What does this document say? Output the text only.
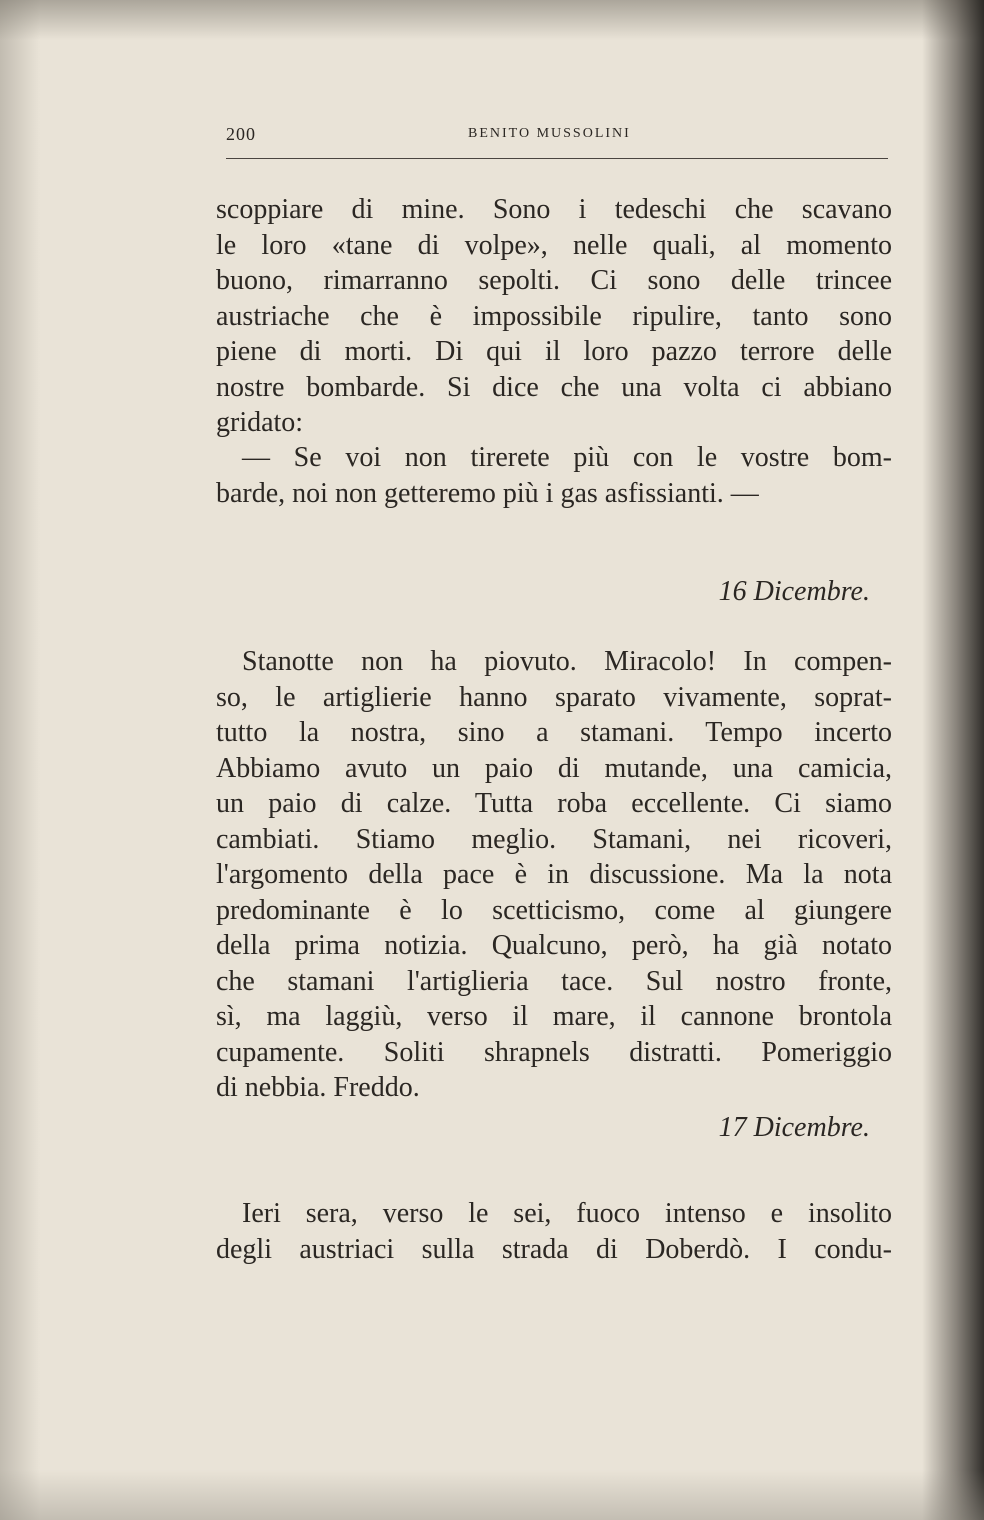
200	BENITO MUSSOLINI
scoppiare di mine. Sono i tedeschi che scavano
le loro «tane di volpe», nelle quali, al momento
buono, rimarranno sepolti. Ci sono delle trincee
austriache che è impossibile ripulire, tanto sono
piene di morti. Di qui il loro pazzo terrore delle
nostre bombarde. Si dice che una volta ci abbiano
gridato:
— Se voi non tirerete più con le vostre bom-
barde, noi non getteremo più i gas asfissianti. —
16 Dicembre.
Stanotte non ha piovuto. Miracolo! In compen-
so, le artiglierie hanno sparato vivamente, soprat-
tutto la nostra, sino a stamani. Tempo incerto
Abbiamo avuto un paio di mutande, una camicia,
un paio di calze. Tutta roba eccellente. Ci siamo
cambiati. Stiamo meglio. Stamani, nei ricoveri,
l'argomento della pace è in discussione. Ma la nota
predominante è lo scetticismo, come al giungere
della prima notizia. Qualcuno, però, ha già notato
che stamani l'artiglieria tace. Sul nostro fronte,
sì, ma laggiù, verso il mare, il cannone brontola
cupamente. Soliti shrapnels distratti. Pomeriggio
di nebbia. Freddo.
17 Dicembre.
Ieri sera, verso le sei, fuoco intenso e insolito
degli austriaci sulla strada di Doberdò. I condu-
